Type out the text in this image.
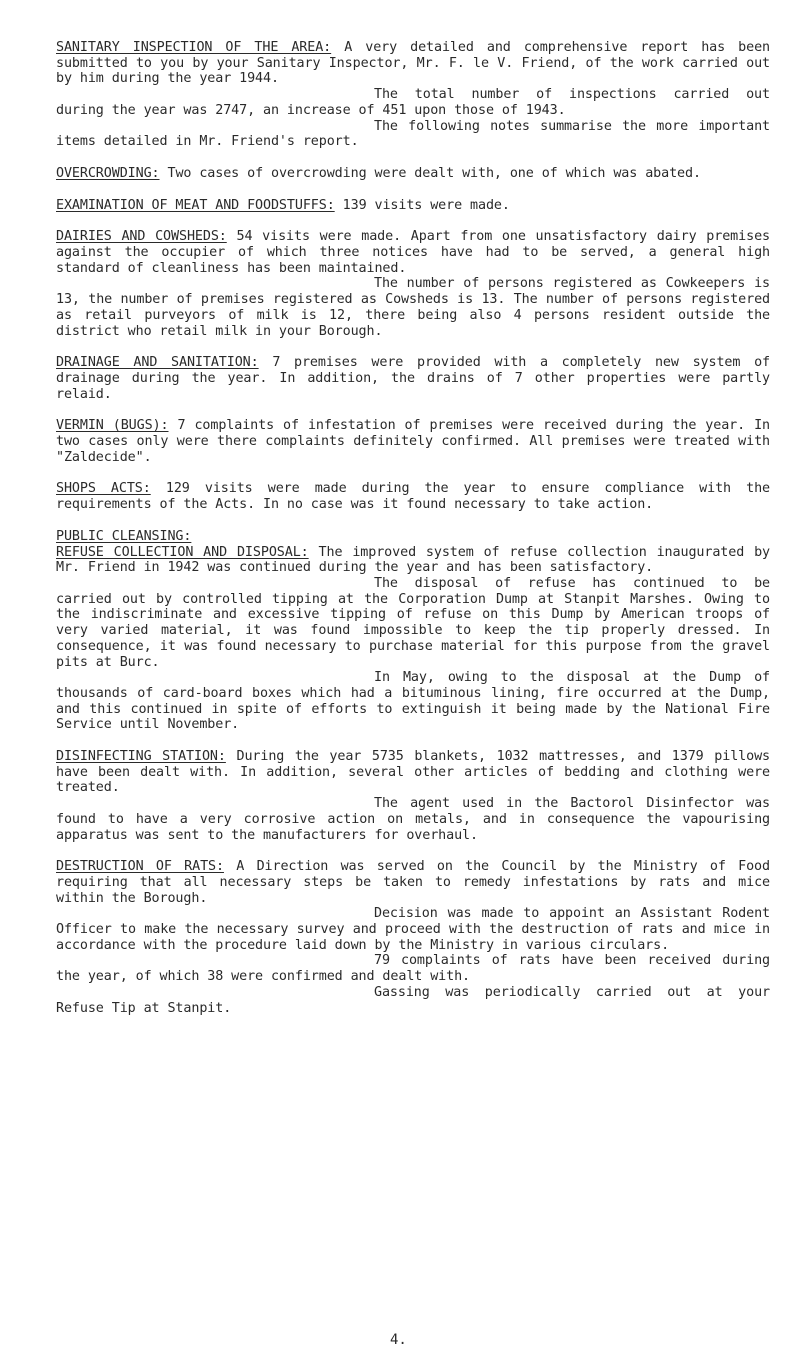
SANITARY INSPECTION OF THE AREA: A very detailed and comprehensive report has been submitted to you by your Sanitary Inspector, Mr. F. le V. Friend, of the work carried out by him during the year 1944.

The total number of inspections carried out during the year was 2747, an increase of 451 upon those of 1943.

The following notes summarise the more important items detailed in Mr. Friend's report.

OVERCROWDING: Two cases of overcrowding were dealt with, one of which was abated.

EXAMINATION OF MEAT AND FOODSTUFFS: 139 visits were made.

DAIRIES AND COWSHEDS: 54 visits were made. Apart from one unsatisfactory dairy premises against the occupier of which three notices have had to be served, a general high standard of cleanliness has been maintained.

The number of persons registered as Cowkeepers is 13, the number of premises registered as Cowsheds is 13. The number of persons registered as retail purveyors of milk is 12, there being also 4 persons resident outside the district who retail milk in your Borough.

DRAINAGE AND SANITATION: 7 premises were provided with a completely new system of drainage during the year. In addition, the drains of 7 other properties were partly relaid.

VERMIN (BUGS): 7 complaints of infestation of premises were received during the year. In two cases only were there complaints definitely confirmed. All premises were treated with "Zaldecide".

SHOPS ACTS: 129 visits were made during the year to ensure compliance with the requirements of the Acts. In no case was it found necessary to take action.

PUBLIC CLEANSING:

REFUSE COLLECTION AND DISPOSAL: The improved system of refuse collection inaugurated by Mr. Friend in 1942 was continued during the year and has been satisfactory.

The disposal of refuse has continued to be carried out by controlled tipping at the Corporation Dump at Stanpit Marshes. Owing to the indiscriminate and excessive tipping of refuse on this Dump by American troops of very varied material, it was found impossible to keep the tip properly dressed. In consequence, it was found necessary to purchase material for this purpose from the gravel pits at Burc.

In May, owing to the disposal at the Dump of thousands of card-board boxes which had a bituminous lining, fire occurred at the Dump, and this continued in spite of efforts to extinguish it being made by the National Fire Service until November.

DISINFECTING STATION: During the year 5735 blankets, 1032 mattresses, and 1379 pillows have been dealt with. In addition, several other articles of bedding and clothing were treated.

The agent used in the Bactorol Disinfector was found to have a very corrosive action on metals, and in consequence the vapourising apparatus was sent to the manufacturers for overhaul.

DESTRUCTION OF RATS: A Direction was served on the Council by the Ministry of Food requiring that all necessary steps be taken to remedy infestations by rats and mice within the Borough.

Decision was made to appoint an Assistant Rodent Officer to make the necessary survey and proceed with the destruction of rats and mice in accordance with the procedure laid down by the Ministry in various circulars.

79 complaints of rats have been received during the year, of which 38 were confirmed and dealt with.

Gassing was periodically carried out at your Refuse Tip at Stanpit.

4.
